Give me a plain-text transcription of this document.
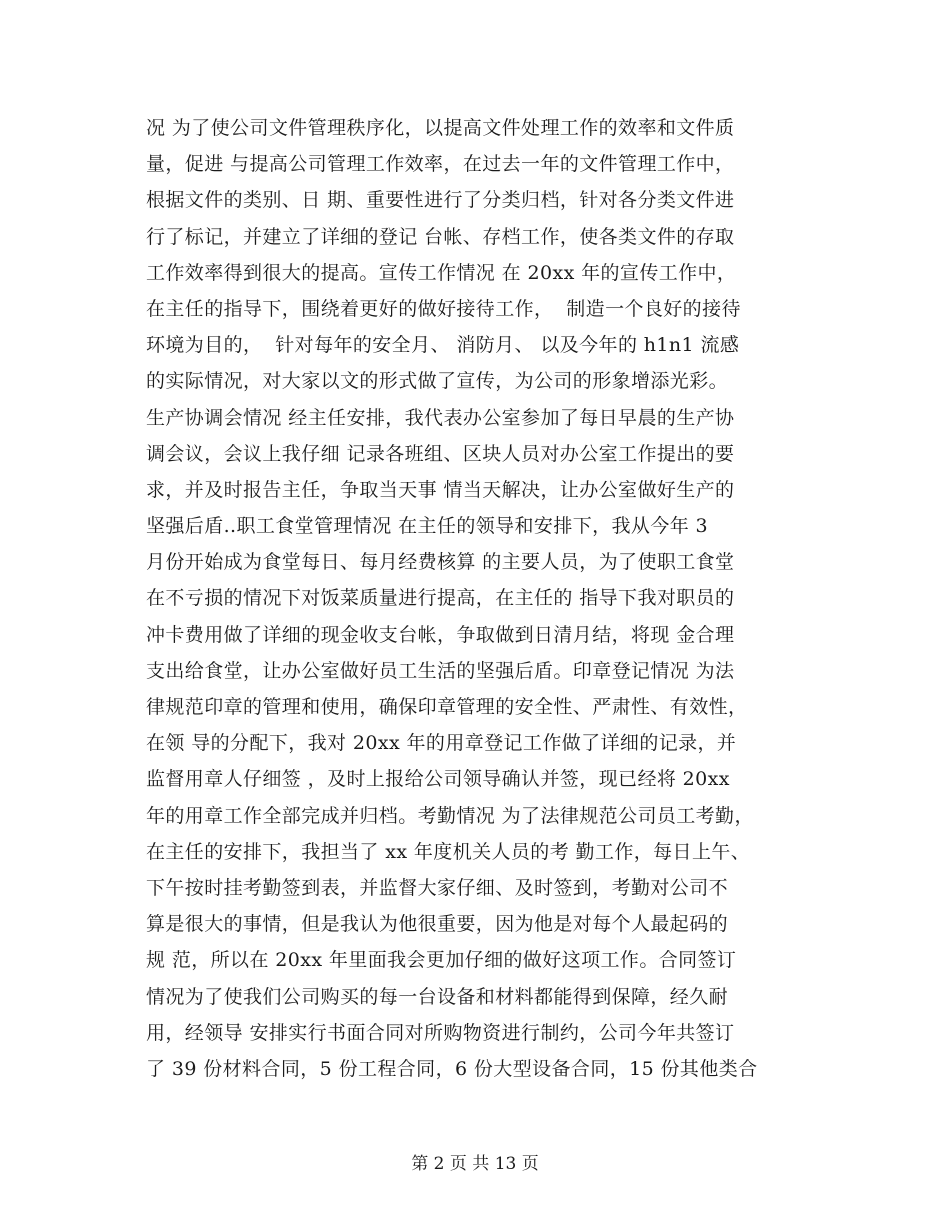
况 为了使公司文件管理秩序化，以提高文件处理工作的效率和文件质
量，促进 与提高公司管理工作效率，在过去一年的文件管理工作中，
根据文件的类别、日 期、重要性进行了分类归档，针对各分类文件进
行了标记，并建立了详细的登记 台帐、存档工作，使各类文件的存取
工作效率得到很大的提高。宣传工作情况 在 20xx 年的宣传工作中，
在主任的指导下，围绕着更好的做好接待工作，  制造一个良好的接待
环境为目的，  针对每年的安全月、 消防月、 以及今年的 h1n1 流感
的实际情况，对大家以文的形式做了宣传，为公司的形象增添光彩。
生产协调会情况 经主任安排，我代表办公室参加了每日早晨的生产协
调会议，会议上我仔细 记录各班组、区块人员对办公室工作提出的要
求，并及时报告主任，争取当天事 情当天解决，让办公室做好生产的
坚强后盾..职工食堂管理情况 在主任的领导和安排下，我从今年 3
月份开始成为食堂每日、每月经费核算 的主要人员，为了使职工食堂
在不亏损的情况下对饭菜质量进行提高，在主任的 指导下我对职员的
冲卡费用做了详细的现金收支台帐，争取做到日清月结，将现 金合理
支出给食堂，让办公室做好员工生活的坚强后盾。印章登记情况 为法
律规范印章的管理和使用，确保印章管理的安全性、严肃性、有效性，
在领 导的分配下，我对 20xx 年的用章登记工作做了详细的记录，并
监督用章人仔细签 ，及时上报给公司领导确认并签，现已经将 20xx
年的用章工作全部完成并归档。考勤情况 为了法律规范公司员工考勤，
在主任的安排下，我担当了 xx 年度机关人员的考 勤工作，每日上午、
下午按时挂考勤签到表，并监督大家仔细、及时签到，考勤对公司不
算是很大的事情，但是我认为他很重要，因为他是对每个人最起码的
规 范，所以在 20xx 年里面我会更加仔细的做好这项工作。合同签订
情况为了使我们公司购买的每一台设备和材料都能得到保障，经久耐
用，经领导 安排实行书面合同对所购物资进行制约，公司今年共签订
了 39 份材料合同，5 份工程合同，6 份大型设备合同，15 份其他类合
第 2 页 共 13 页
